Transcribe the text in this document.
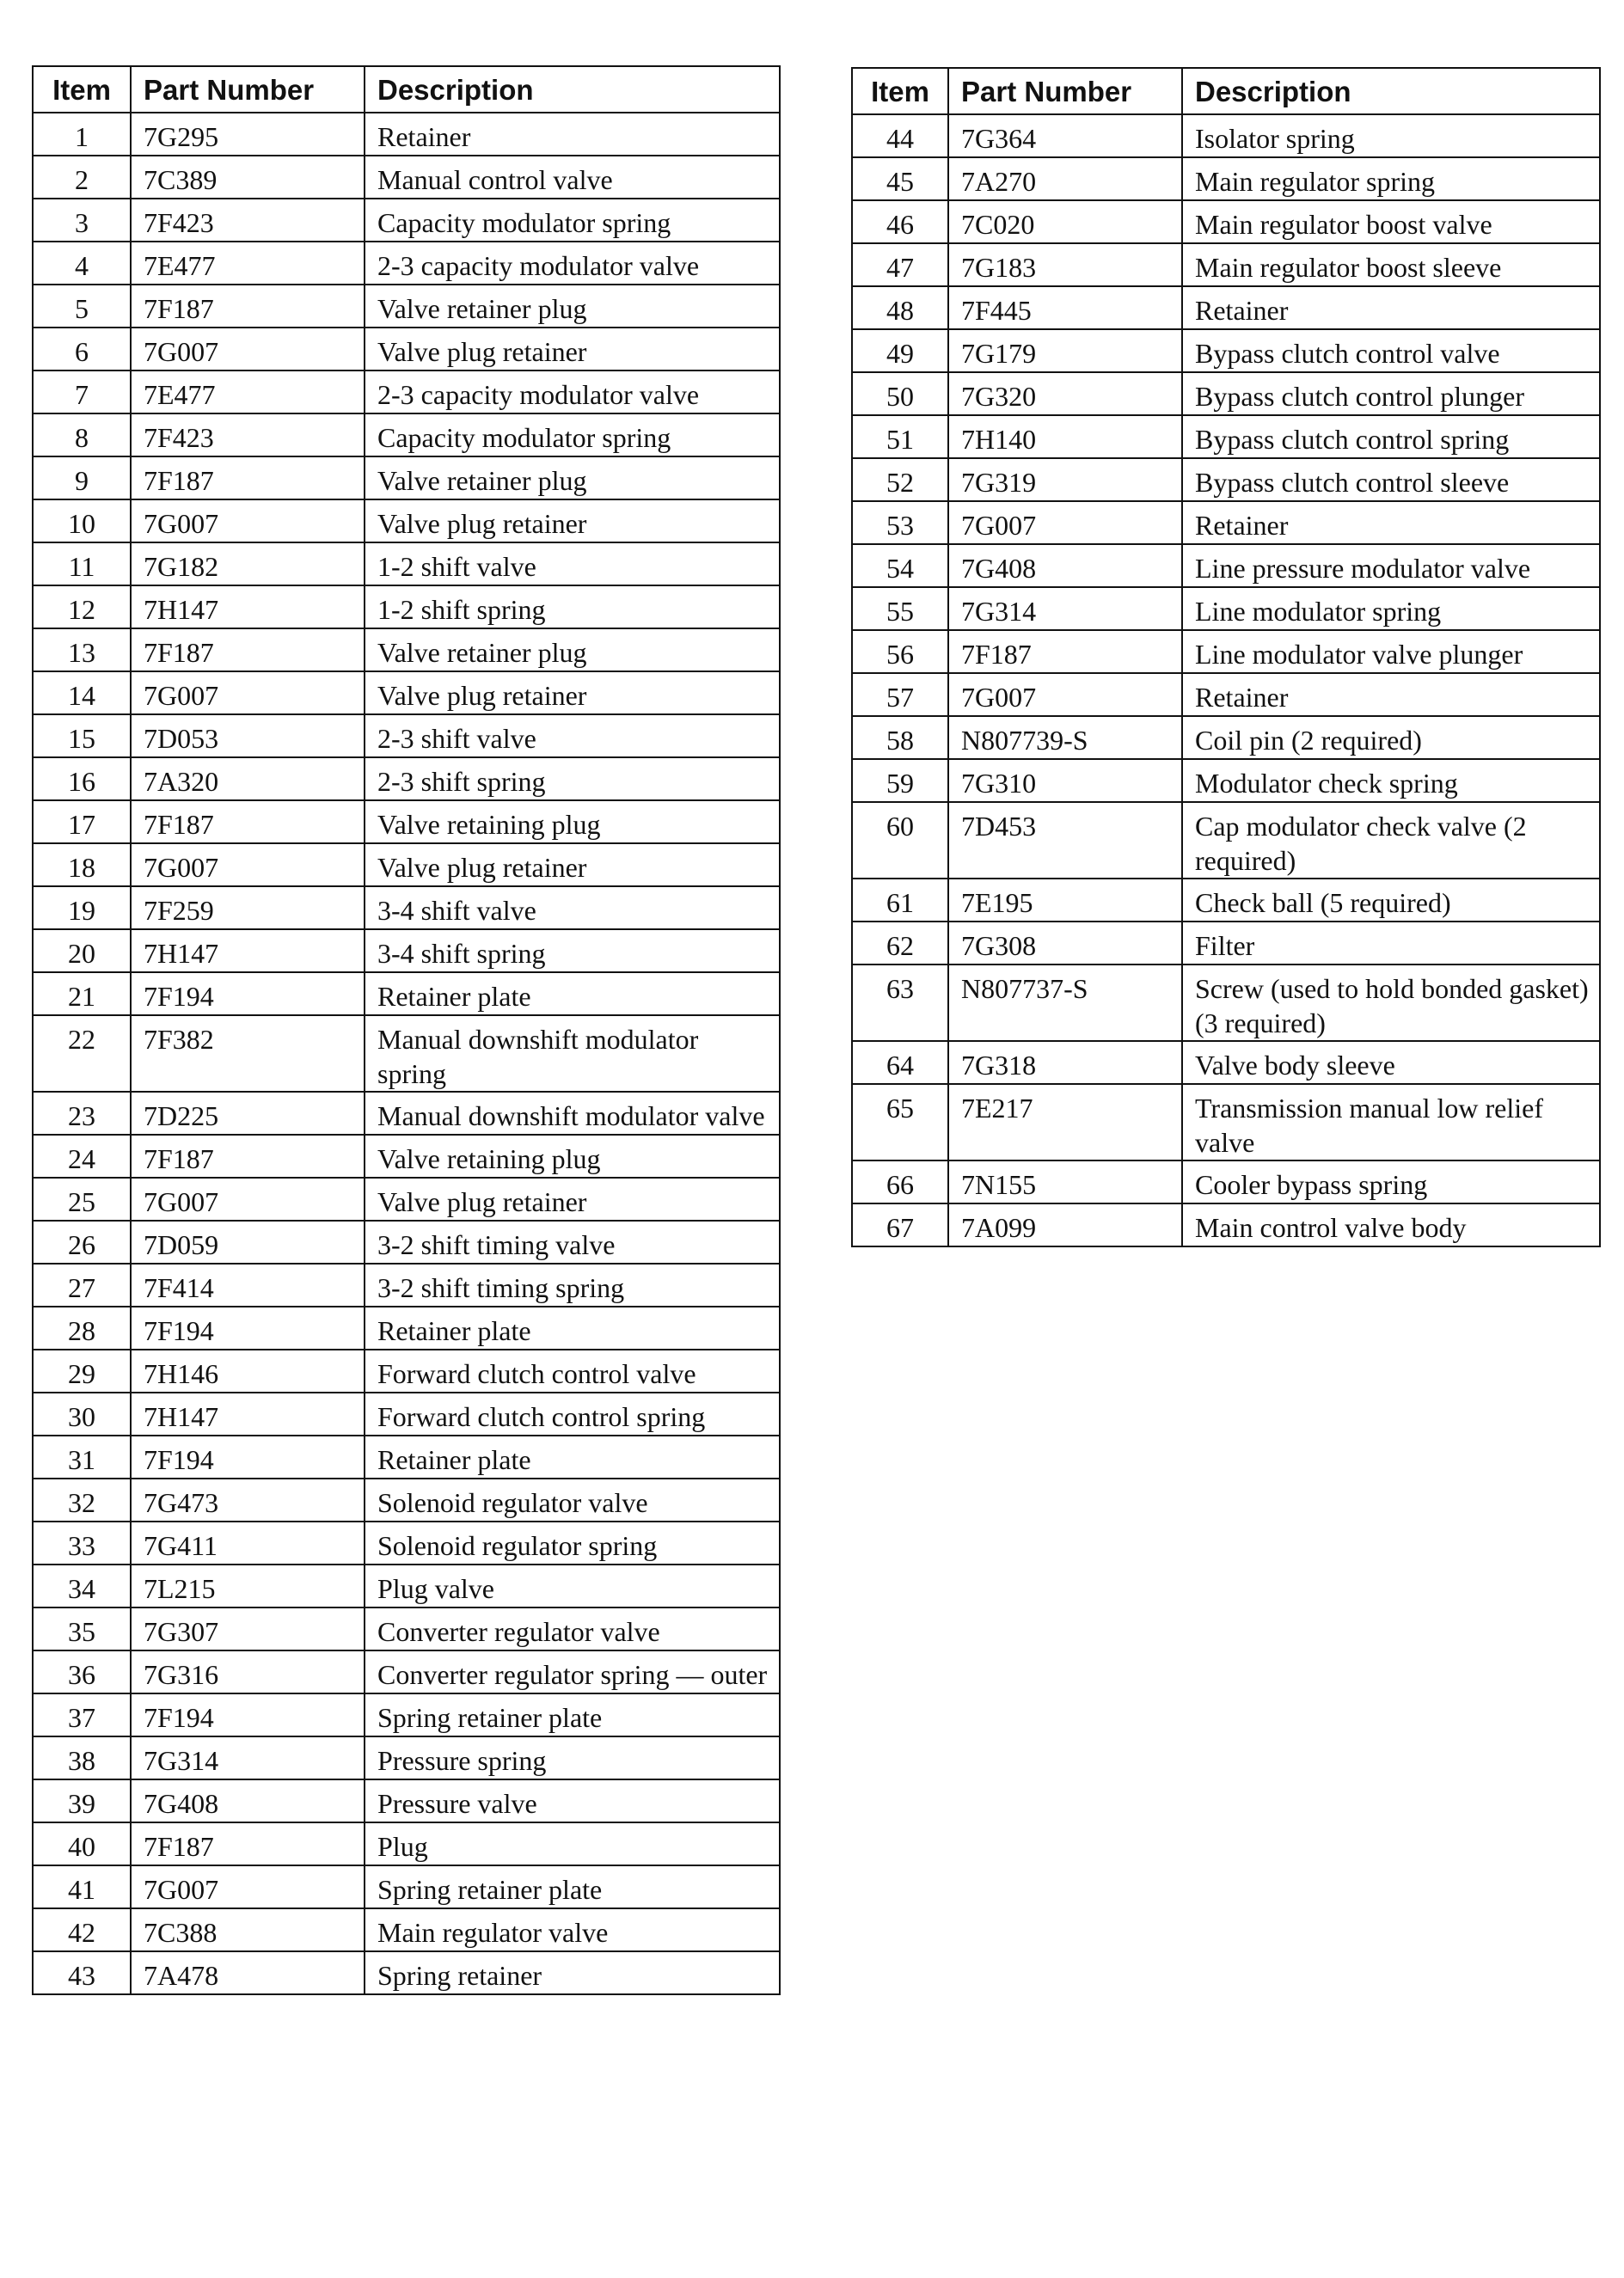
Item	Part Number	Description
1	7G295	Retainer
2	7C389	Manual control valve
3	7F423	Capacity modulator spring
4	7E477	2-3 capacity modulator valve
5	7F187	Valve retainer plug
6	7G007	Valve plug retainer
7	7E477	2-3 capacity modulator valve
8	7F423	Capacity modulator spring
9	7F187	Valve retainer plug
10	7G007	Valve plug retainer
11	7G182	1-2 shift valve
12	7H147	1-2 shift spring
13	7F187	Valve retainer plug
14	7G007	Valve plug retainer
15	7D053	2-3 shift valve
16	7A320	2-3 shift spring
17	7F187	Valve retaining plug
18	7G007	Valve plug retainer
19	7F259	3-4 shift valve
20	7H147	3-4 shift spring
21	7F194	Retainer plate
22	7F382	Manual downshift modulator spring
23	7D225	Manual downshift modulator valve
24	7F187	Valve retaining plug
25	7G007	Valve plug retainer
26	7D059	3-2 shift timing valve
27	7F414	3-2 shift timing spring
28	7F194	Retainer plate
29	7H146	Forward clutch control valve
30	7H147	Forward clutch control spring
31	7F194	Retainer plate
32	7G473	Solenoid regulator valve
33	7G411	Solenoid regulator spring
34	7L215	Plug valve
35	7G307	Converter regulator valve
36	7G316	Converter regulator spring — outer
37	7F194	Spring retainer plate
38	7G314	Pressure spring
39	7G408	Pressure valve
40	7F187	Plug
41	7G007	Spring retainer plate
42	7C388	Main regulator valve
43	7A478	Spring retainer
Item	Part Number	Description
44	7G364	Isolator spring
45	7A270	Main regulator spring
46	7C020	Main regulator boost valve
47	7G183	Main regulator boost sleeve
48	7F445	Retainer
49	7G179	Bypass clutch control valve
50	7G320	Bypass clutch control plunger
51	7H140	Bypass clutch control spring
52	7G319	Bypass clutch control sleeve
53	7G007	Retainer
54	7G408	Line pressure modulator valve
55	7G314	Line modulator spring
56	7F187	Line modulator valve plunger
57	7G007	Retainer
58	N807739-S	Coil pin (2 required)
59	7G310	Modulator check spring
60	7D453	Cap modulator check valve (2 required)
61	7E195	Check ball (5 required)
62	7G308	Filter
63	N807737-S	Screw (used to hold bonded gasket) (3 required)
64	7G318	Valve body sleeve
65	7E217	Transmission manual low relief valve
66	7N155	Cooler bypass spring
67	7A099	Main control valve body
